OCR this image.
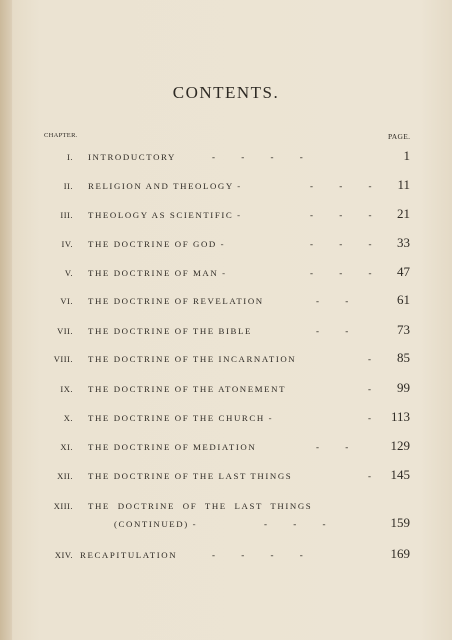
CONTENTS.
CHAPTER.	PAGE.
I. INTRODUCTORY	- - - -	1
II. RELIGION AND THEOLOGY -	- - - 11
III. THEOLOGY AS SCIENTIFIC -	- - - 21
IV. THE DOCTRINE OF GOD -	- - - 33
V. THE DOCTRINE OF MAN -	- - - 47
VI. THE DOCTRINE OF REVELATION	- -	61
VII. THE DOCTRINE OF THE BIBLE	- -	73
VIII. THE DOCTRINE OF THE INCARNATION	- 85
IX. THE DOCTRINE OF THE ATONEMENT	- 99
X. THE DOCTRINE OF THE CHURCH -	- 113
XI. THE DOCTRINE OF MEDIATION	- -	129
XII. THE DOCTRINE OF THE LAST THINGS	- 145
XIII. THE DOCTRINE OF THE LAST THINGS
(CONTINUED) -	- - -	159
XIV. RECAPITULATION	- - - -	169
